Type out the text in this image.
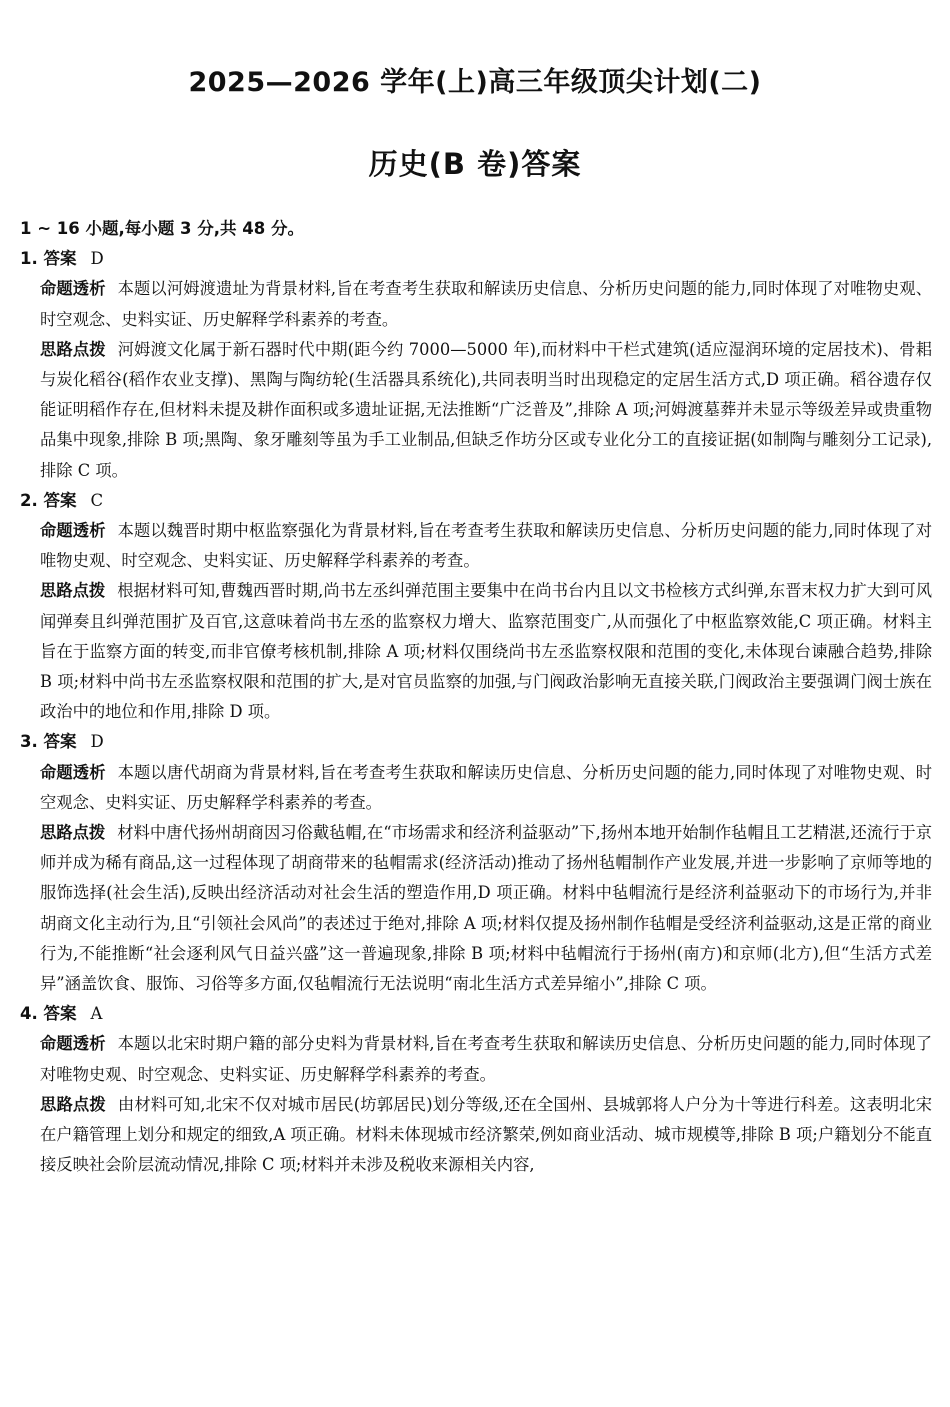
2025—2026 学年(上)高三年级顶尖计划(二)
历史(B 卷)答案
1 ~ 16 小题,每小题 3 分,共 48 分。
1. 答案 D
命题透析 本题以河姆渡遗址为背景材料,旨在考查考生获取和解读历史信息、分析历史问题的能力,同时体现了对唯物史观、时空观念、史料实证、历史解释学科素养的考查。
思路点拨 河姆渡文化属于新石器时代中期(距今约 7000—5000 年),而材料中干栏式建筑(适应湿润环境的定居技术)、骨耜与炭化稻谷(稻作农业支撑)、黑陶与陶纺轮(生活器具系统化),共同表明当时出现稳定的定居生活方式,D 项正确。稻谷遗存仅能证明稻作存在,但材料未提及耕作面积或多遗址证据,无法推断“广泛普及”,排除 A 项;河姆渡墓葬并未显示等级差异或贵重物品集中现象,排除 B 项;黑陶、象牙雕刻等虽为手工业制品,但缺乏作坊分区或专业化分工的直接证据(如制陶与雕刻分工记录),排除 C 项。
2. 答案 C
命题透析 本题以魏晋时期中枢监察强化为背景材料,旨在考查考生获取和解读历史信息、分析历史问题的能力,同时体现了对唯物史观、时空观念、史料实证、历史解释学科素养的考查。
思路点拨 根据材料可知,曹魏西晋时期,尚书左丞纠弹范围主要集中在尚书台内且以文书检核方式纠弹,东晋末权力扩大到可风闻弹奏且纠弹范围扩及百官,这意味着尚书左丞的监察权力增大、监察范围变广,从而强化了中枢监察效能,C 项正确。材料主旨在于监察方面的转变,而非官僚考核机制,排除 A 项;材料仅围绕尚书左丞监察权限和范围的变化,未体现台谏融合趋势,排除 B 项;材料中尚书左丞监察权限和范围的扩大,是对官员监察的加强,与门阀政治影响无直接关联,门阀政治主要强调门阀士族在政治中的地位和作用,排除 D 项。
3. 答案 D
命题透析 本题以唐代胡商为背景材料,旨在考查考生获取和解读历史信息、分析历史问题的能力,同时体现了对唯物史观、时空观念、史料实证、历史解释学科素养的考查。
思路点拨 材料中唐代扬州胡商因习俗戴毡帽,在“市场需求和经济利益驱动”下,扬州本地开始制作毡帽且工艺精湛,还流行于京师并成为稀有商品,这一过程体现了胡商带来的毡帽需求(经济活动)推动了扬州毡帽制作产业发展,并进一步影响了京师等地的服饰选择(社会生活),反映出经济活动对社会生活的塑造作用,D 项正确。材料中毡帽流行是经济利益驱动下的市场行为,并非胡商文化主动行为,且“引领社会风尚”的表述过于绝对,排除 A 项;材料仅提及扬州制作毡帽是受经济利益驱动,这是正常的商业行为,不能推断“社会逐利风气日益兴盛”这一普遍现象,排除 B 项;材料中毡帽流行于扬州(南方)和京师(北方),但“生活方式差异”涵盖饮食、服饰、习俗等多方面,仅毡帽流行无法说明“南北生活方式差异缩小”,排除 C 项。
4. 答案 A
命题透析 本题以北宋时期户籍的部分史料为背景材料,旨在考查考生获取和解读历史信息、分析历史问题的能力,同时体现了对唯物史观、时空观念、史料实证、历史解释学科素养的考查。
思路点拨 由材料可知,北宋不仅对城市居民(坊郭居民)划分等级,还在全国州、县城郭将人户分为十等进行科差。这表明北宋在户籍管理上划分和规定的细致,A 项正确。材料未体现城市经济繁荣,例如商业活动、城市规模等,排除 B 项;户籍划分不能直接反映社会阶层流动情况,排除 C 项;材料并未涉及税收来源相关内容,
